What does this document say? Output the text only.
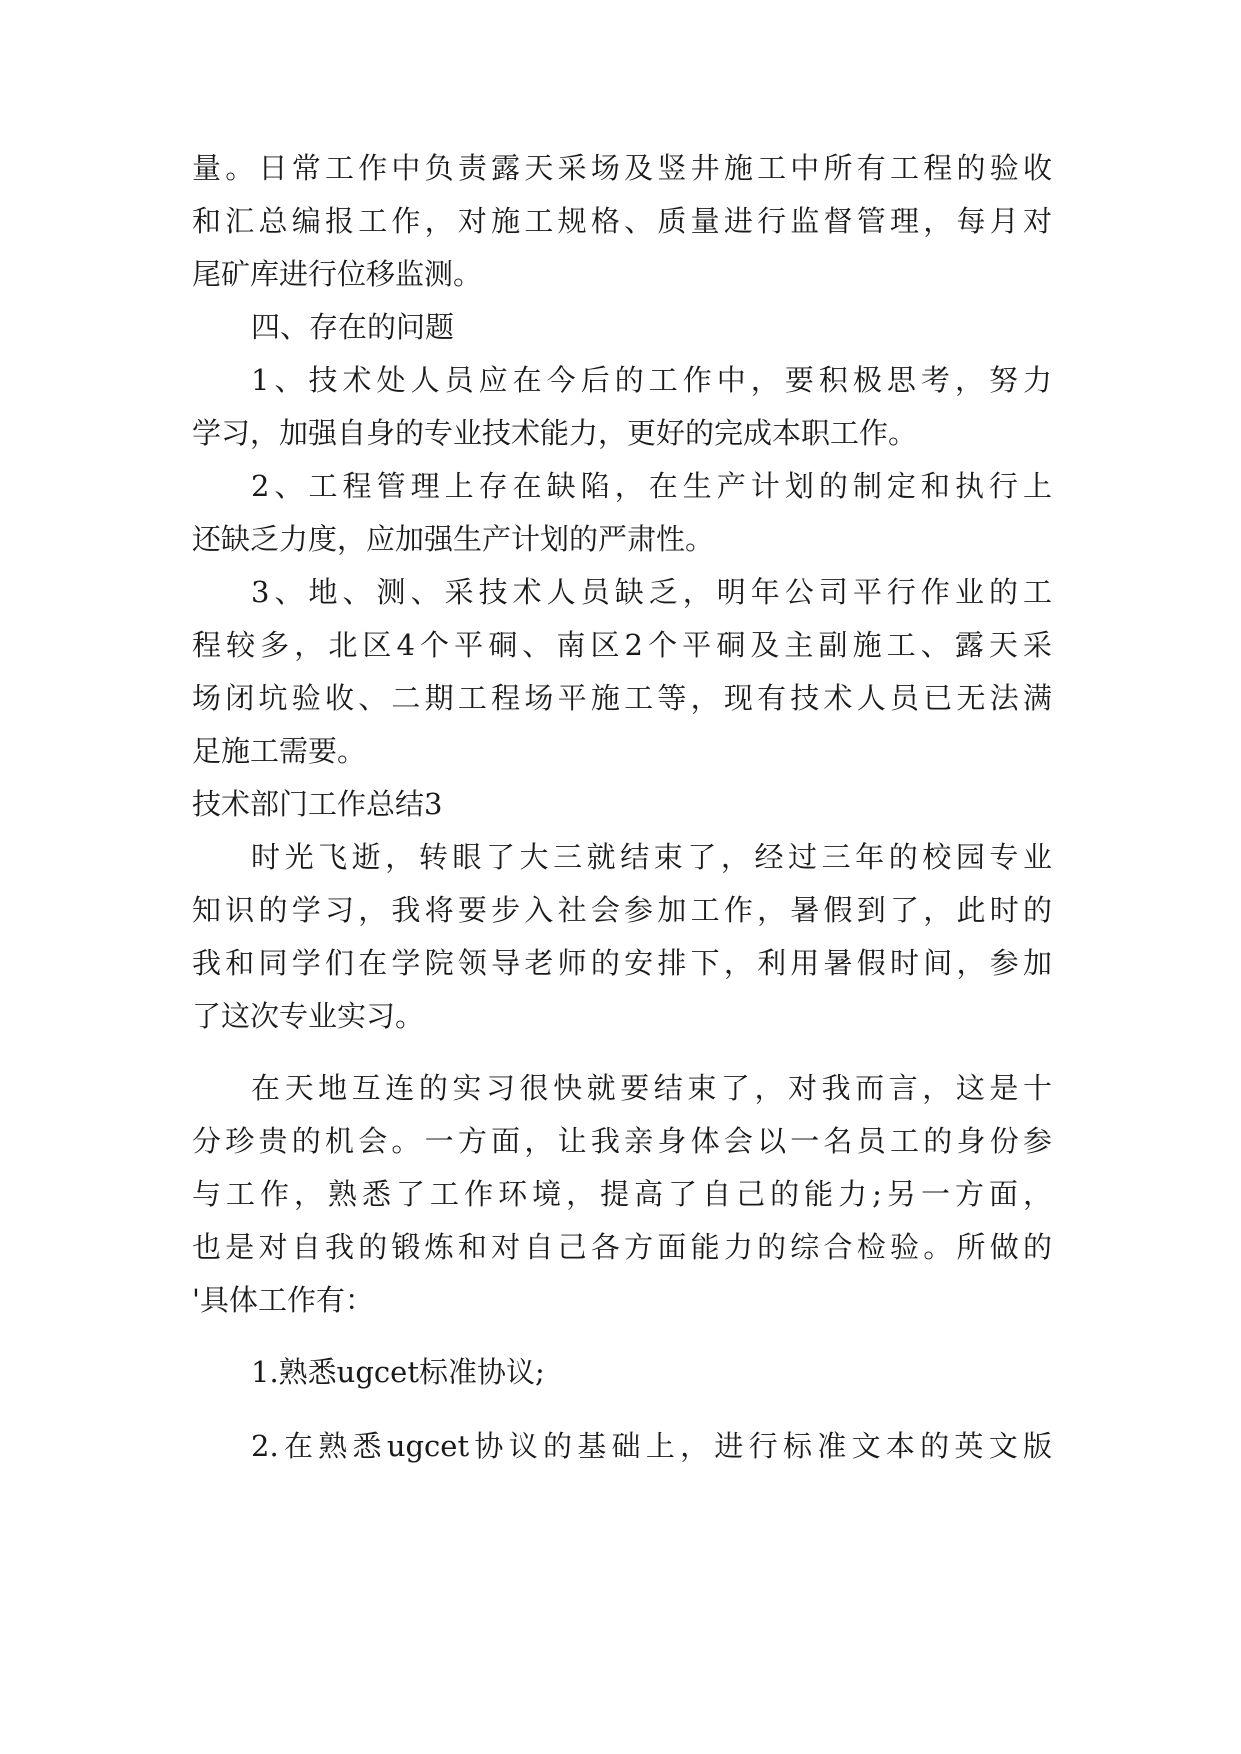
量。日常工作中负责露天采场及竖井施工中所有工程的验收

和汇总编报工作，对施工规格、质量进行监督管理，每月对

尾矿库进行位移监测。

四、存在的问题

1、技术处人员应在今后的工作中，要积极思考，努力

学习，加强自身的专业技术能力，更好的完成本职工作。

2、工程管理上存在缺陷，在生产计划的制定和执行上

还缺乏力度，应加强生产计划的严肃性。

3、地、测、采技术人员缺乏，明年公司平行作业的工

程较多，北区4个平硐、南区2个平硐及主副施工、露天采

场闭坑验收、二期工程场平施工等，现有技术人员已无法满

足施工需要。

技术部门工作总结3

时光飞逝，转眼了大三就结束了，经过三年的校园专业

知识的学习，我将要步入社会参加工作，暑假到了，此时的

我和同学们在学院领导老师的安排下，利用暑假时间，参加

了这次专业实习。

在天地互连的实习很快就要结束了，对我而言，这是十

分珍贵的机会。一方面，让我亲身体会以一名员工的身份参

与工作，熟悉了工作环境，提高了自己的能力;另一方面，

也是对自我的锻炼和对自己各方面能力的综合检验。所做的

'具体工作有：

1.熟悉ugcet标准协议;

2.在熟悉ugcet协议的基础上，进行标准文本的英文版
